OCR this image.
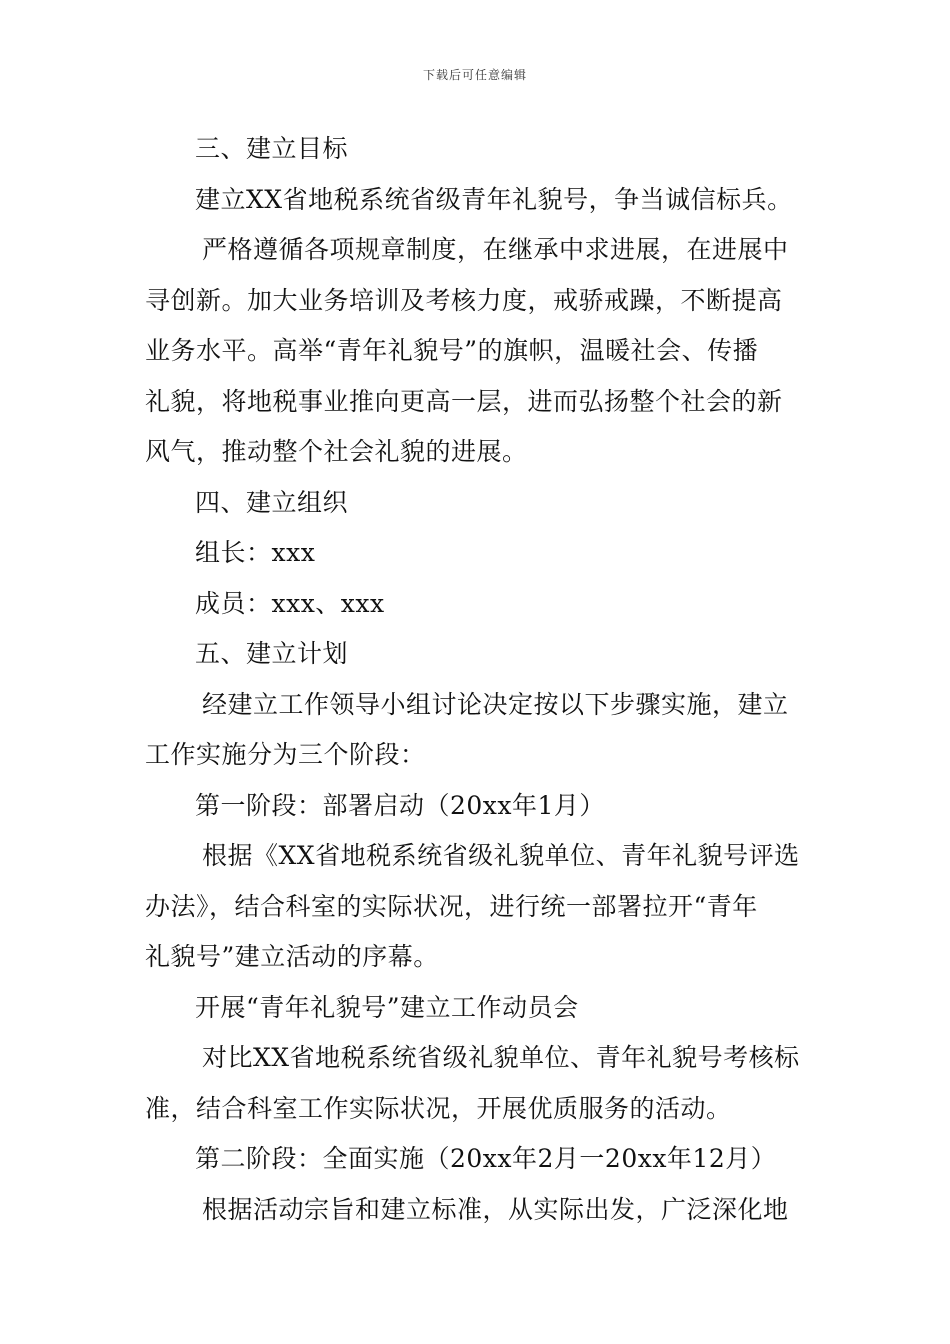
下载后可任意编辑
三、建立目标
建立XX省地税系统省级青年礼貌号，争当诚信标兵。
严格遵循各项规章制度，在继承中求进展，在进展中
寻创新。加大业务培训及考核力度，戒骄戒躁，不断提高
业务水平。高举“青年礼貌号”的旗帜，温暖社会、传播
礼貌，将地税事业推向更高一层，进而弘扬整个社会的新
风气，推动整个社会礼貌的进展。
四、建立组织
组长：xxx
成员：xxx、xxx
五、建立计划
经建立工作领导小组讨论决定按以下步骤实施，建立
工作实施分为三个阶段：
第一阶段：部署启动（20xx年1月）
根据《XX省地税系统省级礼貌单位、青年礼貌号评选
办法》，结合科室的实际状况，进行统一部署拉开“青年
礼貌号”建立活动的序幕。
开展“青年礼貌号”建立工作动员会
对比XX省地税系统省级礼貌单位、青年礼貌号考核标
准，结合科室工作实际状况，开展优质服务的活动。
第二阶段：全面实施（20xx年2月一20xx年12月）
根据活动宗旨和建立标准，从实际出发，广泛深化地
